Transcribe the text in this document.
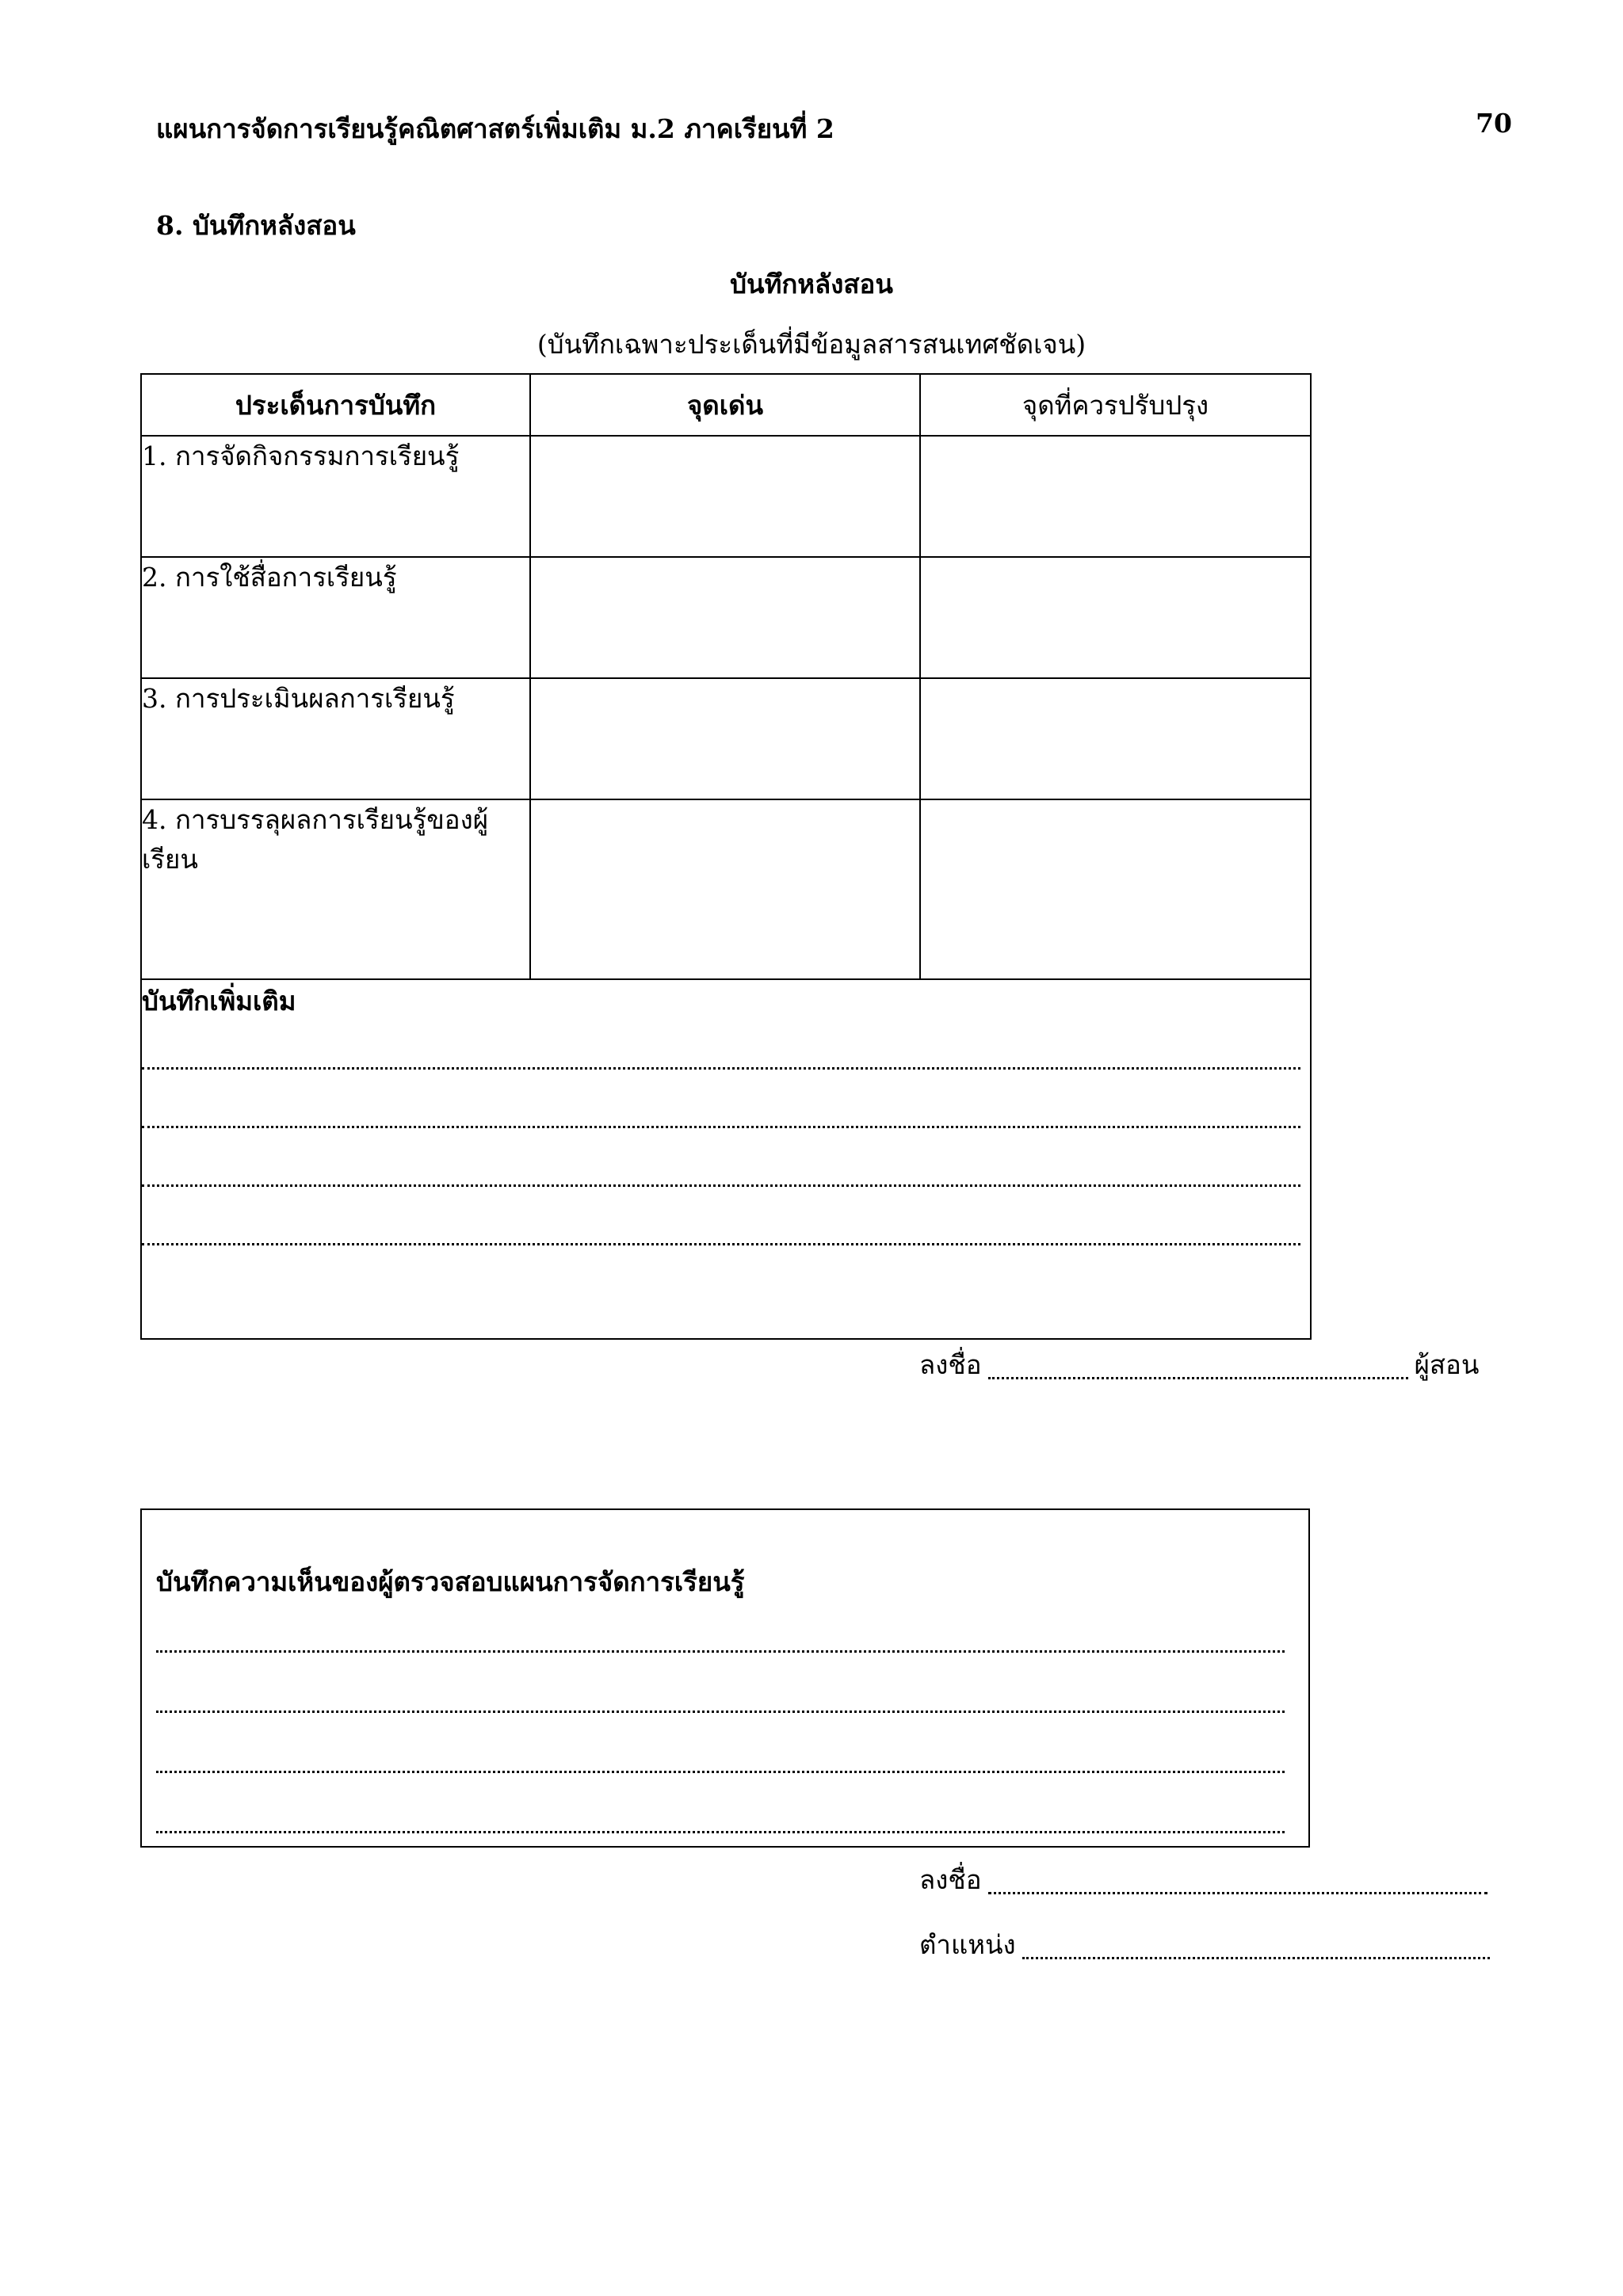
แผนการจัดการเรียนรู้คณิตศาสตร์เพิ่มเติม ม.2 ภาคเรียนที่ 2	70
8. บันทึกหลังสอน
บันทึกหลังสอน
(บันทึกเฉพาะประเด็นที่มีข้อมูลสารสนเทศชัดเจน)
ประเด็นการบันทึก	จุดเด่น	จุดที่ควรปรับปรุง
1. การจัดกิจกรรมการเรียนรู้		
2. การใช้สื่อการเรียนรู้		
3. การประเมินผลการเรียนรู้		
4. การบรรลุผลการเรียนรู้ของผู้เรียน		

บันทึกเพิ่มเติม		
ลงชื่อ	ผู้สอน
บันทึกความเห็นของผู้ตรวจสอบแผนการจัดการเรียนรู้
ลงชื่อ
ตำแหน่ง
